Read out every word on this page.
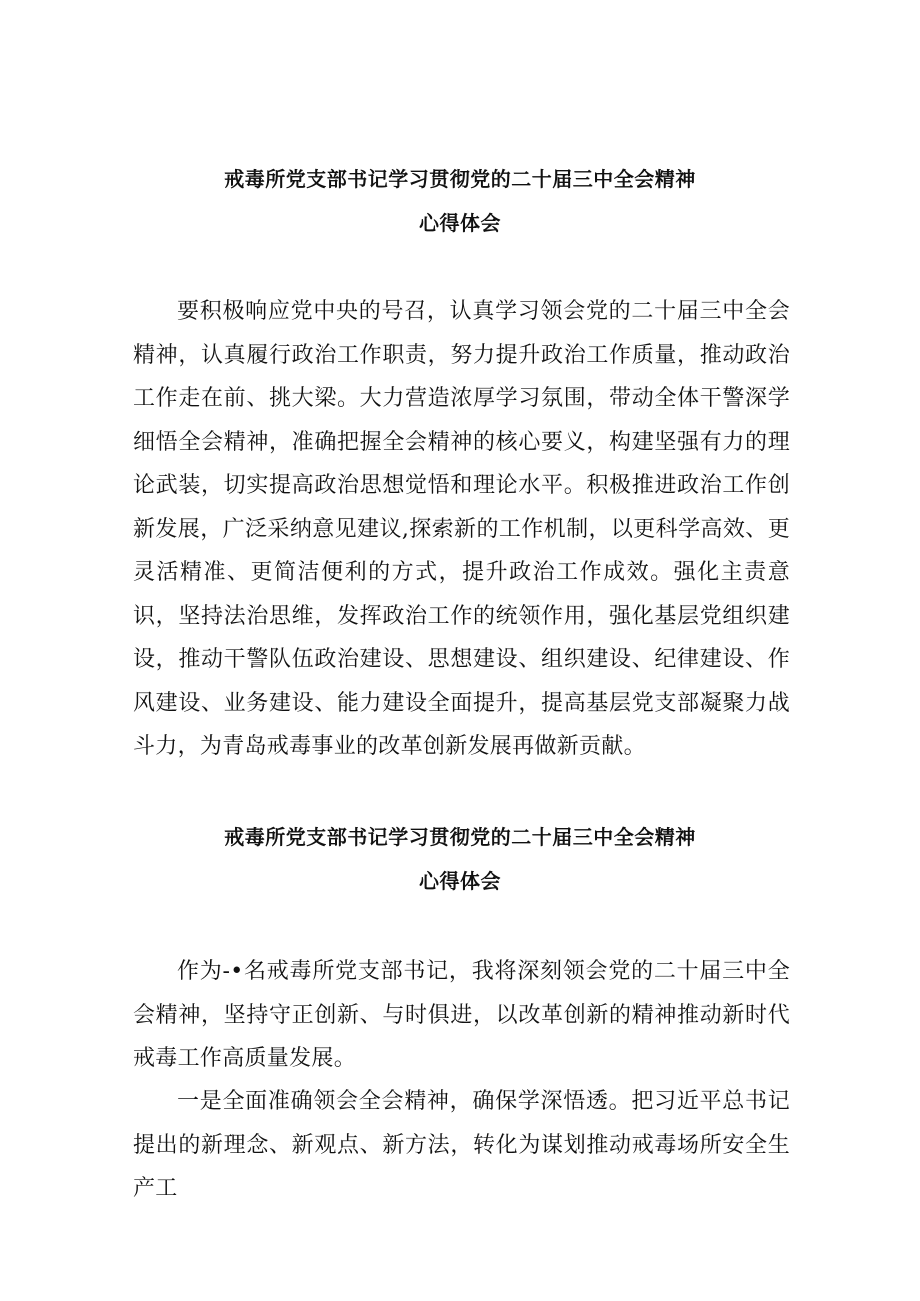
戒毒所党支部书记学习贯彻党的二十届三中全会精神
心得体会

要积极响应党中央的号召，认真学习领会党的二十届三中全会精神，认真履行政治工作职责，努力提升政治工作质量，推动政治工作走在前、挑大梁。大力营造浓厚学习氛围，带动全体干警深学细悟全会精神，准确把握全会精神的核心要义，构建坚强有力的理论武装，切实提高政治思想觉悟和理论水平。积极推进政治工作创新发展，广泛采纳意见建议,探索新的工作机制，以更科学高效、更灵活精准、更简洁便利的方式，提升政治工作成效。强化主责意识，坚持法治思维，发挥政治工作的统领作用，强化基层党组织建设，推动干警队伍政治建设、思想建设、组织建设、纪律建设、作风建设、业务建设、能力建设全面提升，提高基层党支部凝聚力战斗力，为青岛戒毒事业的改革创新发展再做新贡献。

戒毒所党支部书记学习贯彻党的二十届三中全会精神
心得体会

作为-•名戒毒所党支部书记，我将深刻领会党的二十届三中全会精神，坚持守正创新、与时俱进，以改革创新的精神推动新时代戒毒工作高质量发展。

一是全面准确领会全会精神，确保学深悟透。把习近平总书记提出的新理念、新观点、新方法，转化为谋划推动戒毒场所安全生产工
